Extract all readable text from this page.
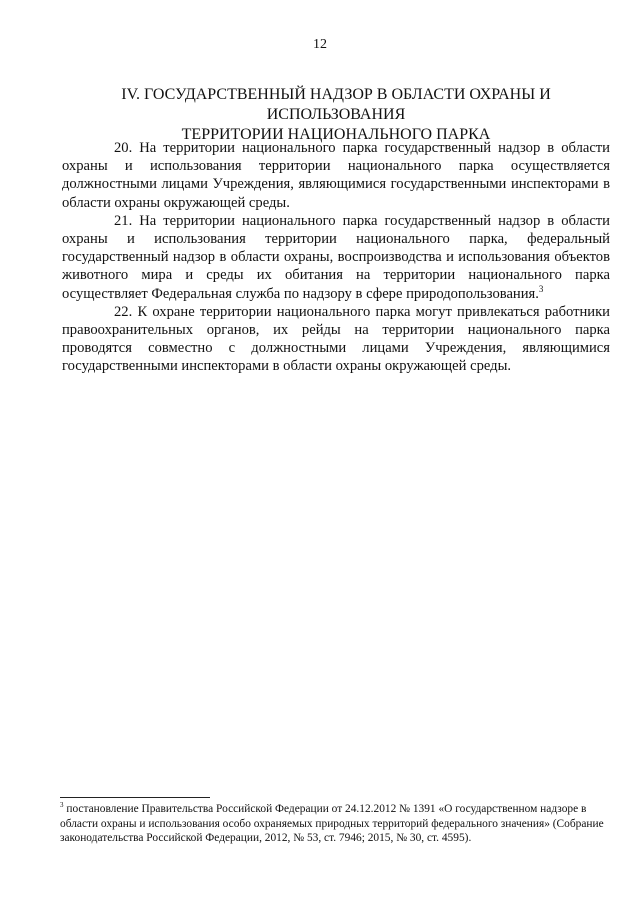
12
IV. ГОСУДАРСТВЕННЫЙ НАДЗОР В ОБЛАСТИ ОХРАНЫ И ИСПОЛЬЗОВАНИЯ
ТЕРРИТОРИИ НАЦИОНАЛЬНОГО ПАРКА

20. На территории национального парка государственный надзор в области охраны и использования территории национального парка осуществляется должностными лицами Учреждения, являющимися государственными инспекторами в области охраны окружающей среды.

21. На территории национального парка государственный надзор в области охраны и использования территории национального парка, федеральный государственный надзор в области охраны, воспроизводства и использования объектов животного мира и среды их обитания на территории национального парка осуществляет Федеральная служба по надзору в сфере природопользования.$^3$

22. К охране территории национального парка могут привлекаться работники правоохранительных органов, их рейды на территории национального парка проводятся совместно с должностными лицами Учреждения, являющимися государственными инспекторами в области охраны окружающей среды.

$^3$ постановление Правительства Российской Федерации от 24.12.2012 № 1391 «О государственном надзоре в области охраны и использования особо охраняемых природных территорий федерального значения» (Собрание законодательства Российской Федерации, 2012, № 53, ст. 7946; 2015, № 30, ст. 4595).
